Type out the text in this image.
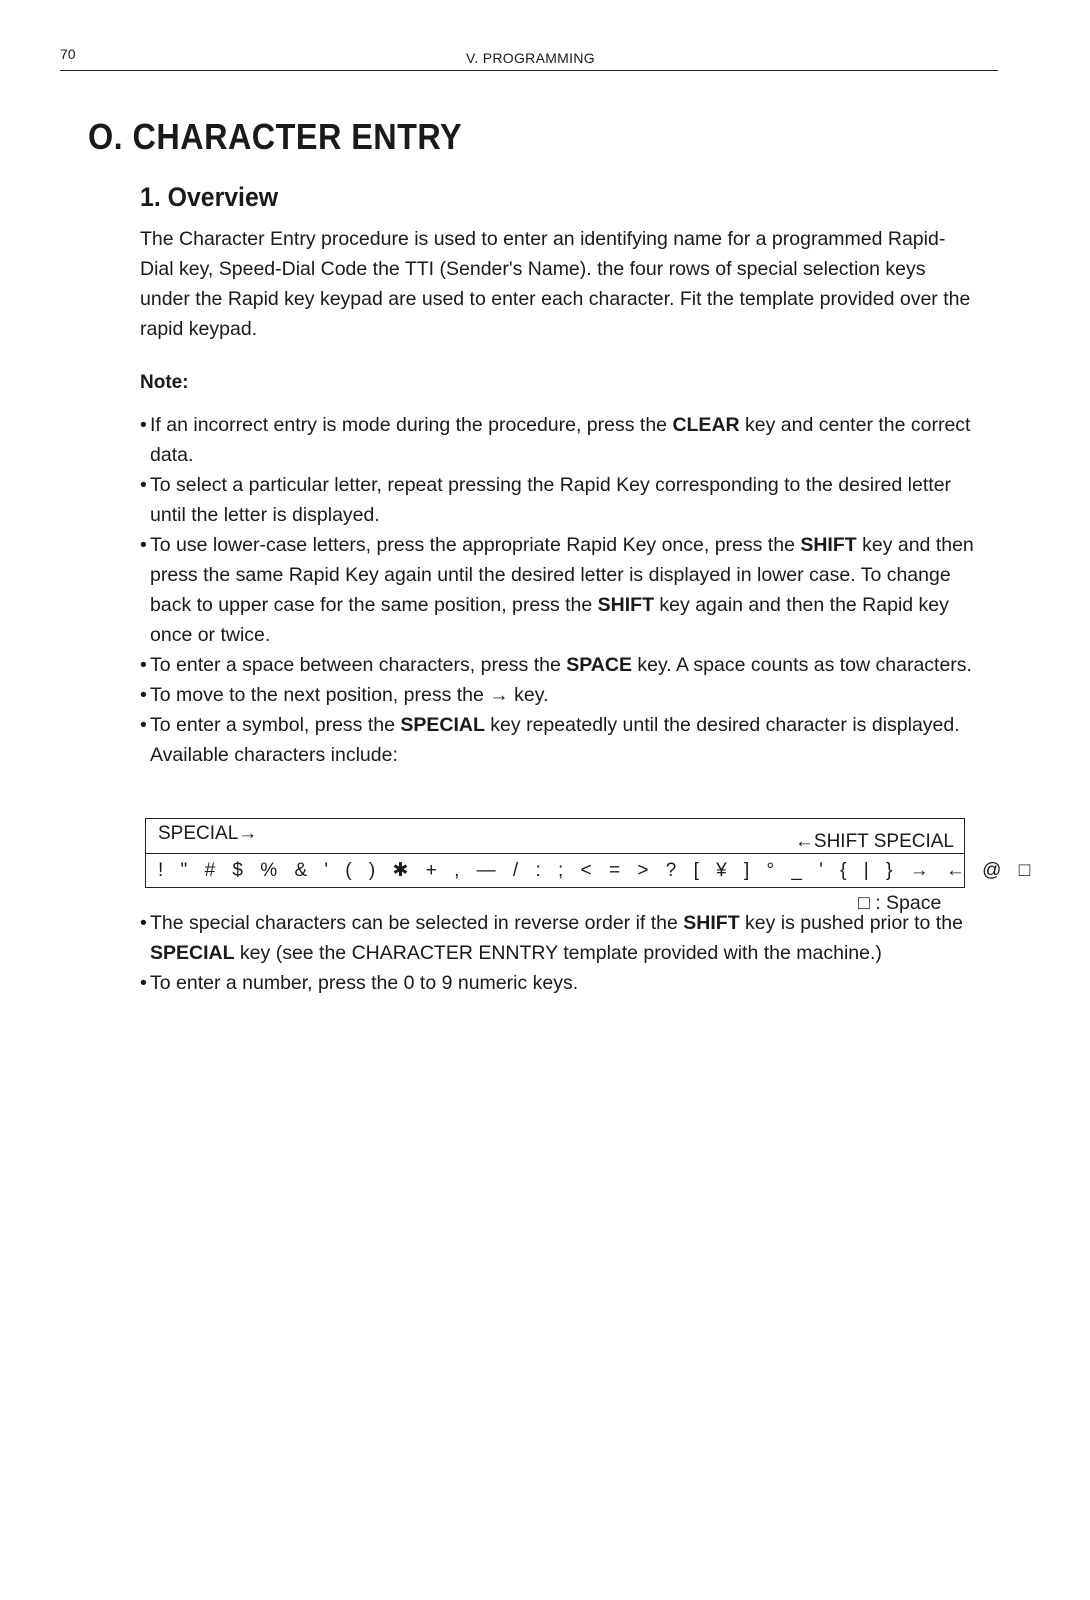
70	V. PROGRAMMING
O. CHARACTER ENTRY
1. Overview

The Character Entry procedure is used to enter an identifying name for a programmed Rapid-Dial key, Speed-Dial Code the TTI (Sender's Name). the four rows of special selection keys under the Rapid key keypad are used to enter each character. Fit the template provided over the rapid keypad.

Note:

• If an incorrect entry is mode during the procedure, press the CLEAR key and center the correct data.
• To select a particular letter, repeat pressing the Rapid Key corresponding to the desired letter until the letter is displayed.
• To use lower-case letters, press the appropriate Rapid Key once, press the SHIFT key and then press the same Rapid Key again until the desired letter is displayed in lower case. To change back to upper case for the same position, press the SHIFT key again and then the Rapid key once or twice.
• To enter a space between characters, press the SPACE key. A space counts as tow characters.
• To move to the next position, press the → key.
• To enter a symbol, press the SPECIAL key repeatedly until the desired character is displayed. Available characters include:
SPECIAL→	←SHIFT SPECIAL
! " # $ % & ' ( ) ✱ + , — / : ; < = > ? [ ¥ ] ° _ ' { | } → ← @ □
□ : Space
• The special characters can be selected in reverse order if the SHIFT key is pushed prior to the SPECIAL key (see the CHARACTER ENNTRY template provided with the machine.)
• To enter a number, press the 0 to 9 numeric keys.
